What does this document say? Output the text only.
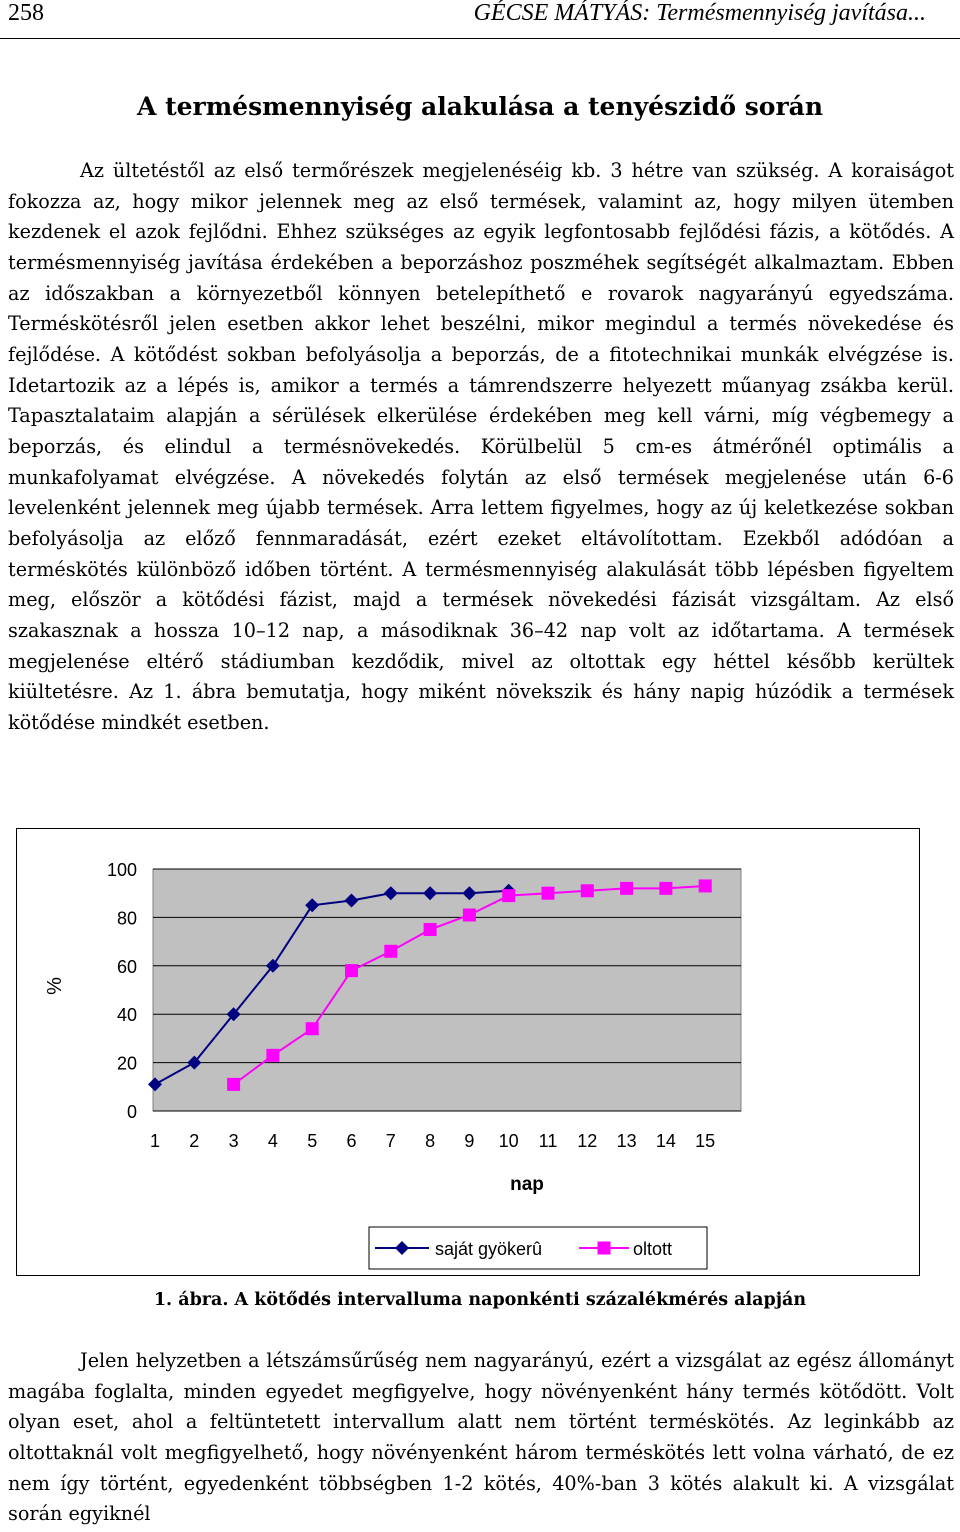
258	GÉCSE MÁTYÁS: Termésmennyiség javítása...
A termésmennyiség alakulása a tenyészidő során

Az ültetéstől az első termőrészek megjelenéséig kb. 3 hétre van szükség. A koraiságot fokozza az, hogy mikor jelennek meg az első termések, valamint az, hogy milyen ütemben kezdenek el azok fejlődni. Ehhez szükséges az egyik legfontosabb fejlődési fázis, a kötődés. A termésmennyiség javítása érdekében a beporzáshoz poszméhek segítségét alkalmaztam. Ebben az időszakban a környezetből könnyen betelepíthető e rovarok nagyarányú egyedszáma. Terméskötésről jelen esetben akkor lehet beszélni, mikor megindul a termés növekedése és fejlődése. A kötődést sokban befolyásolja a beporzás, de a fitotechnikai munkák elvégzése is. Idetartozik az a lépés is, amikor a termés a támrendszerre helyezett műanyag zsákba kerül. Tapasztalataim alapján a sérülések elkerülése érdekében meg kell várni, míg végbemegy a beporzás, és elindul a termésnövekedés. Körülbelül 5 cm-es átmérőnél optimális a munkafolyamat elvégzése. A növekedés folytán az első termések megjelenése után 6-6 levelenként jelennek meg újabb termések. Arra lettem figyelmes, hogy az új keletkezése sokban befolyásolja az előző fennmaradását, ezért ezeket eltávolítottam. Ezekből adódóan a terméskötés különböző időben történt. A termésmennyiség alakulását több lépésben figyeltem meg, először a kötődési fázist, majd a termések növekedési fázisát vizsgáltam. Az első szakasznak a hossza 10–12 nap, a másodiknak 36–42 nap volt az időtartama. A termések megjelenése eltérő stádiumban kezdődik, mivel az oltottak egy héttel később kerültek kiültetésre. Az 1. ábra bemutatja, hogy miként növekszik és hány napig húzódik a termések kötődése mindkét esetben.

0
20
40
60
80
100
1 2 3 4 5 6 7 8 9 10 11 12 13 14 15
%
nap
saját gyökerû	oltott
1. ábra. A kötődés intervalluma naponkénti százalékmérés alapján

Jelen helyzetben a létszámsűrűség nem nagyarányú, ezért a vizsgálat az egész állományt magába foglalta, minden egyedet megfigyelve, hogy növényenként hány termés kötődött. Volt olyan eset, ahol a feltüntetett intervallum alatt nem történt terméskötés. Az leginkább az oltottaknál volt megfigyelhető, hogy növényenként három terméskötés lett volna várható, de ez nem így történt, egyedenként többségben 1-2 kötés, 40%-ban 3 kötés alakult ki. A vizsgálat során egyiknél
